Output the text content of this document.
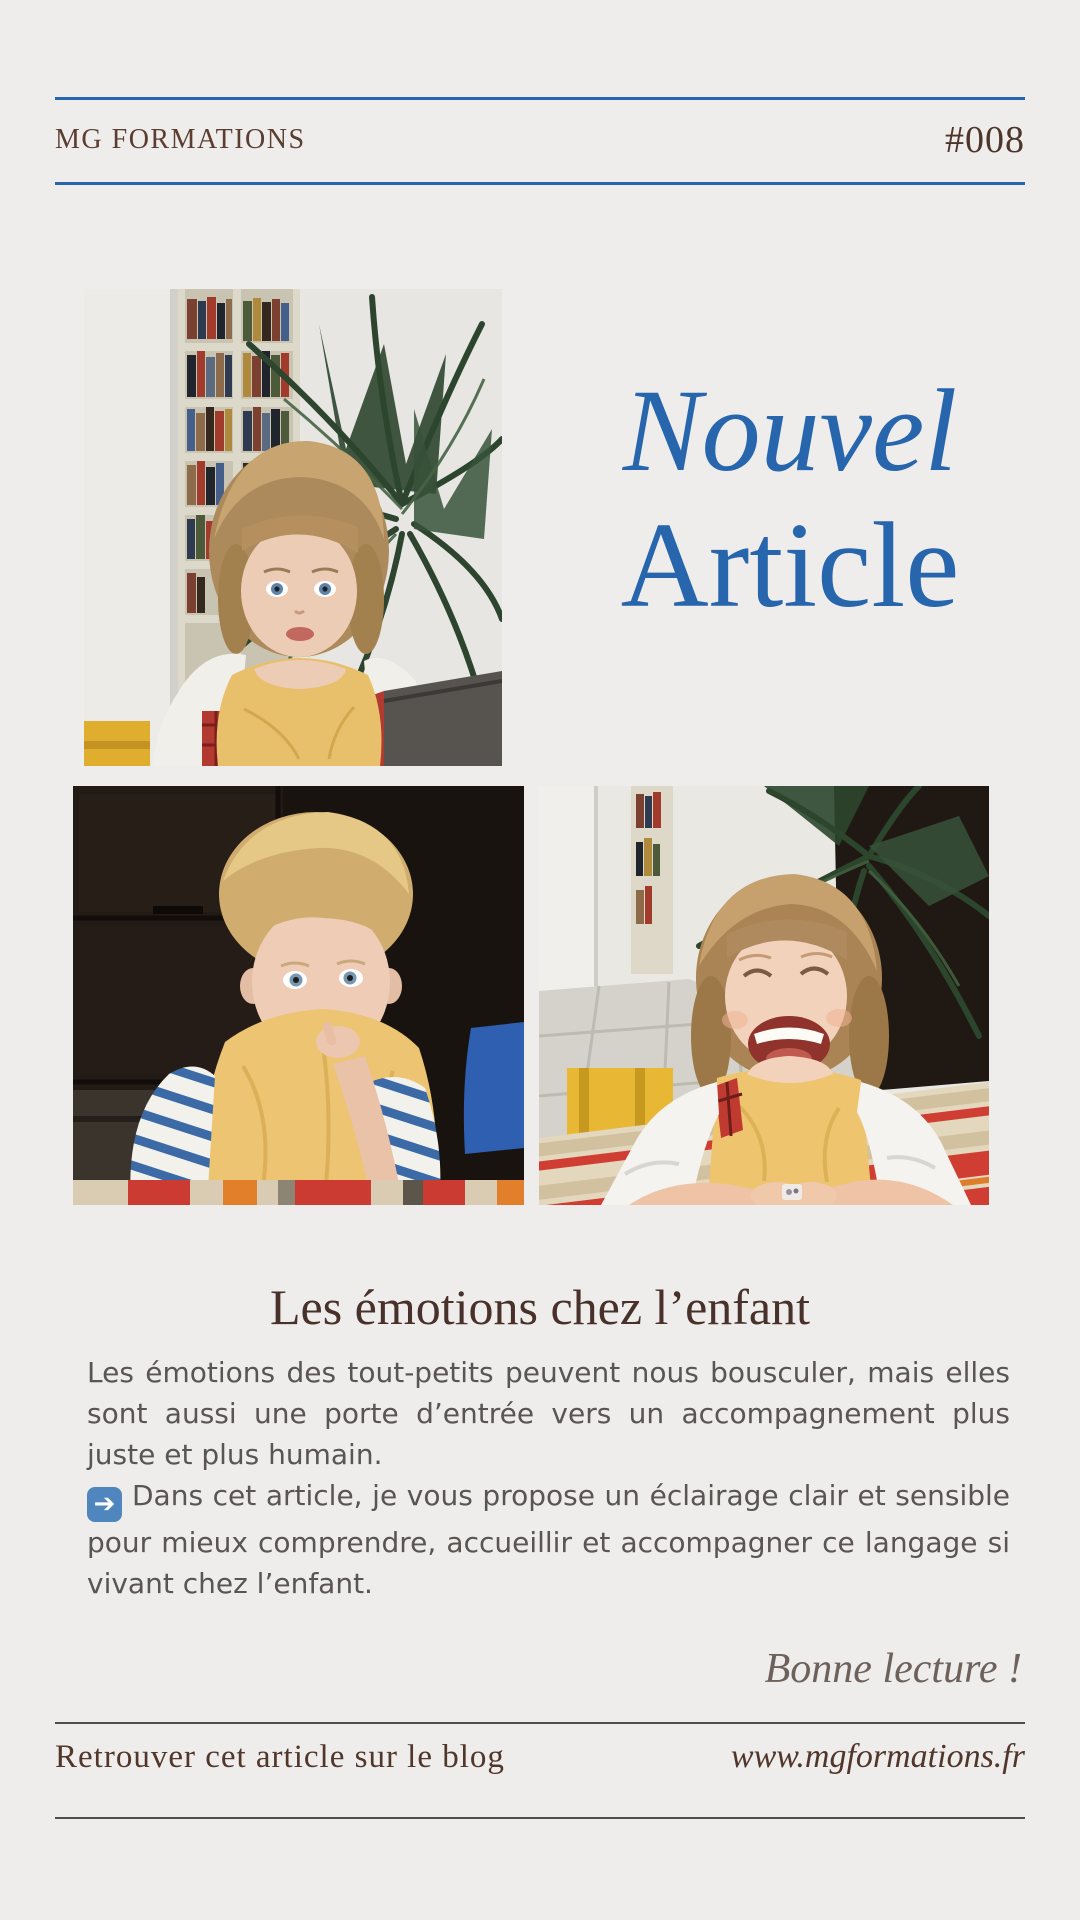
MG FORMATIONS	#008
Nouvel
Article
Les émotions chez l’enfant

Les émotions des tout-petits peuvent nous bousculer, mais elles sont aussi une porte d’entrée vers un accompagnement plus juste et plus humain.

➔ Dans cet article, je vous propose un éclairage clair et sensible pour mieux comprendre, accueillir et accompagner ce langage si vivant chez l’enfant.

Bonne lecture !
Retrouver cet article sur le blog	www.mgformations.fr
